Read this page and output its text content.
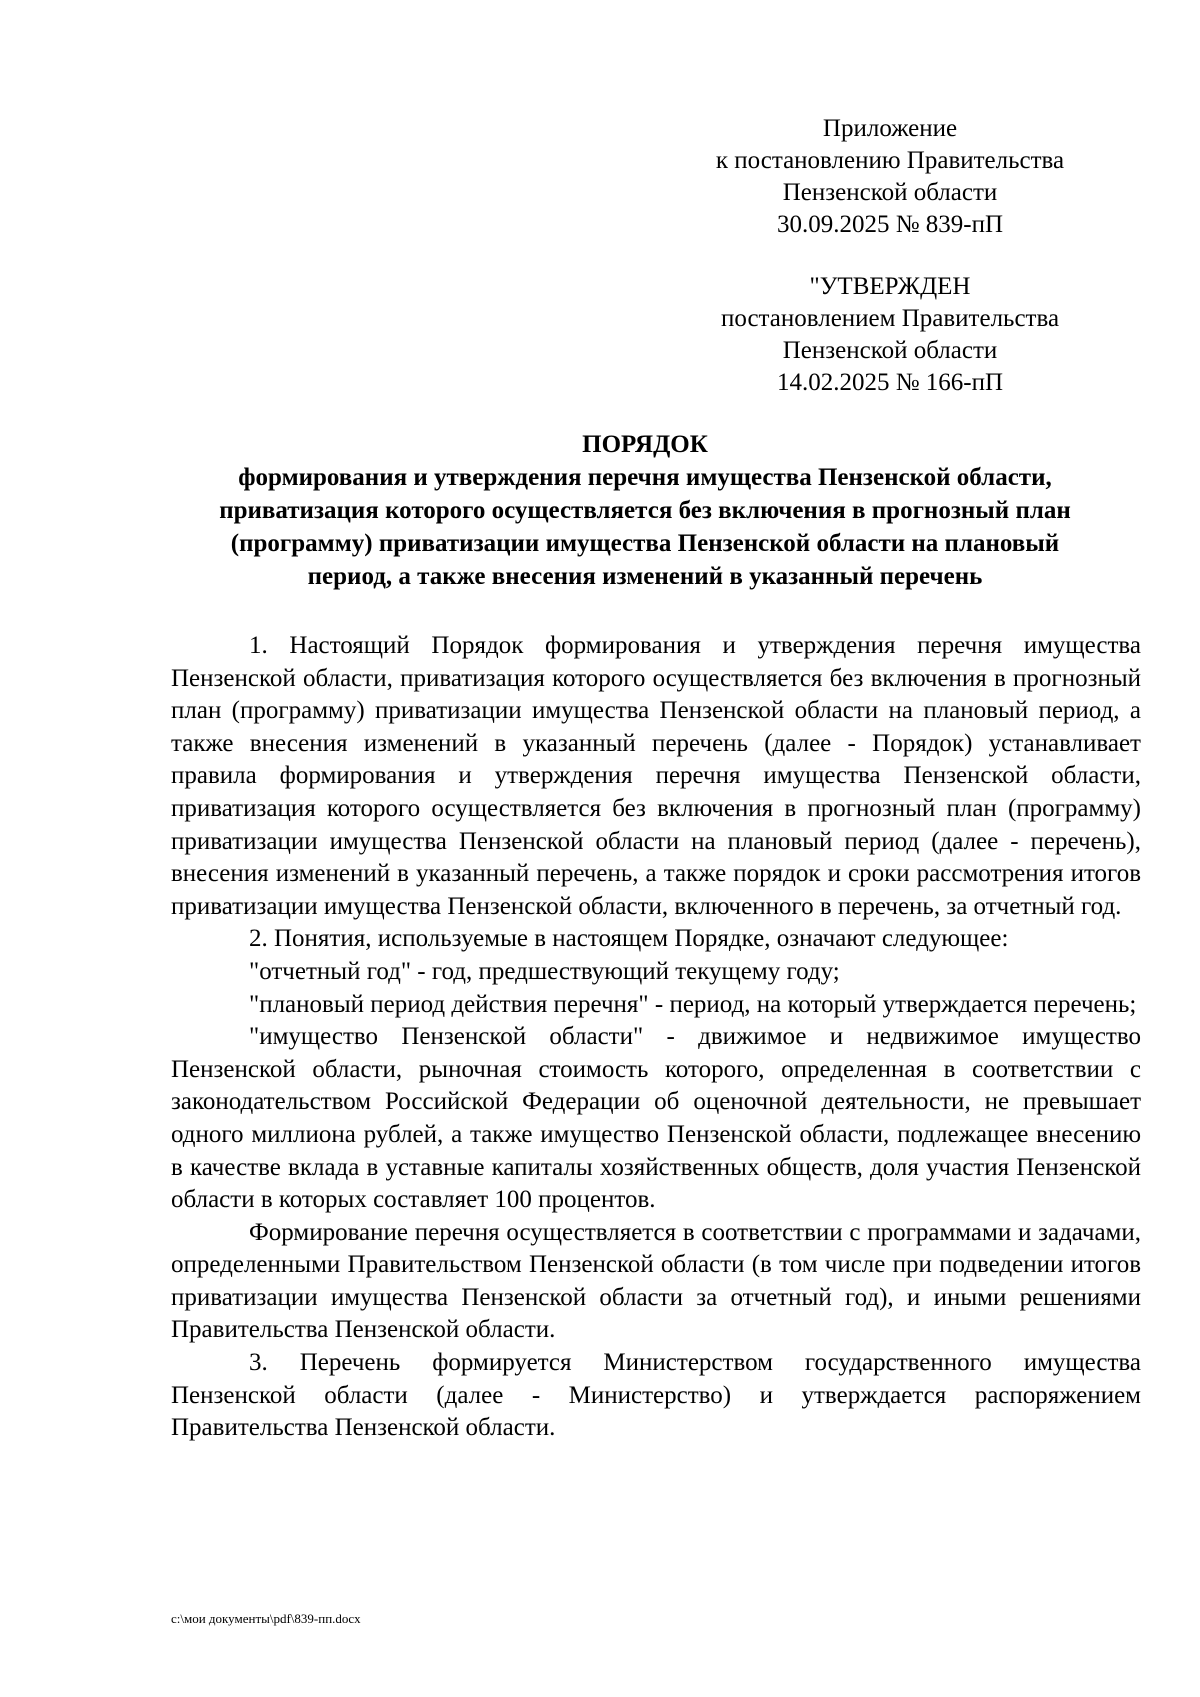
Приложение
к постановлению Правительства
Пензенской области
30.09.2025 № 839-пП
"УТВЕРЖДЕН
постановлением Правительства
Пензенской области
14.02.2025 № 166-пП
ПОРЯДОК
формирования и утверждения перечня имущества Пензенской области,
приватизация которого осуществляется без включения в прогнозный план
(программу) приватизации имущества Пензенской области на плановый
период, а также внесения изменений в указанный перечень

1. Настоящий Порядок формирования и утверждения перечня имущества Пензенской области, приватизация которого осуществляется без включения в прогнозный план (программу) приватизации имущества Пензенской области на плановый период, а также внесения изменений в указанный перечень (далее - Порядок) устанавливает правила формирования и утверждения перечня имущества Пензенской области, приватизация которого осуществляется без включения в прогнозный план (программу) приватизации имущества Пензенской области на плановый период (далее - перечень), внесения изменений в указанный перечень, а также порядок и сроки рассмотрения итогов приватизации имущества Пензенской области, включенного в перечень, за отчетный год.

2. Понятия, используемые в настоящем Порядке, означают следующее:

"отчетный год" - год, предшествующий текущему году;

"плановый период действия перечня" - период, на который утверждается перечень;

"имущество Пензенской области" - движимое и недвижимое имущество Пензенской области, рыночная стоимость которого, определенная в соответствии с законодательством Российской Федерации об оценочной деятельности, не превышает одного миллиона рублей, а также имущество Пензенской области, подлежащее внесению в качестве вклада в уставные капиталы хозяйственных обществ, доля участия Пензенской области в которых составляет 100 процентов.

Формирование перечня осуществляется в соответствии с программами и задачами, определенными Правительством Пензенской области (в том числе при подведении итогов приватизации имущества Пензенской области за отчетный год), и иными решениями Правительства Пензенской области.

3. Перечень формируется Министерством государственного имущества Пензенской области (далее - Министерство) и утверждается распоряжением Правительства Пензенской области.

c:\мои документы\pdf\839-пп.docx
